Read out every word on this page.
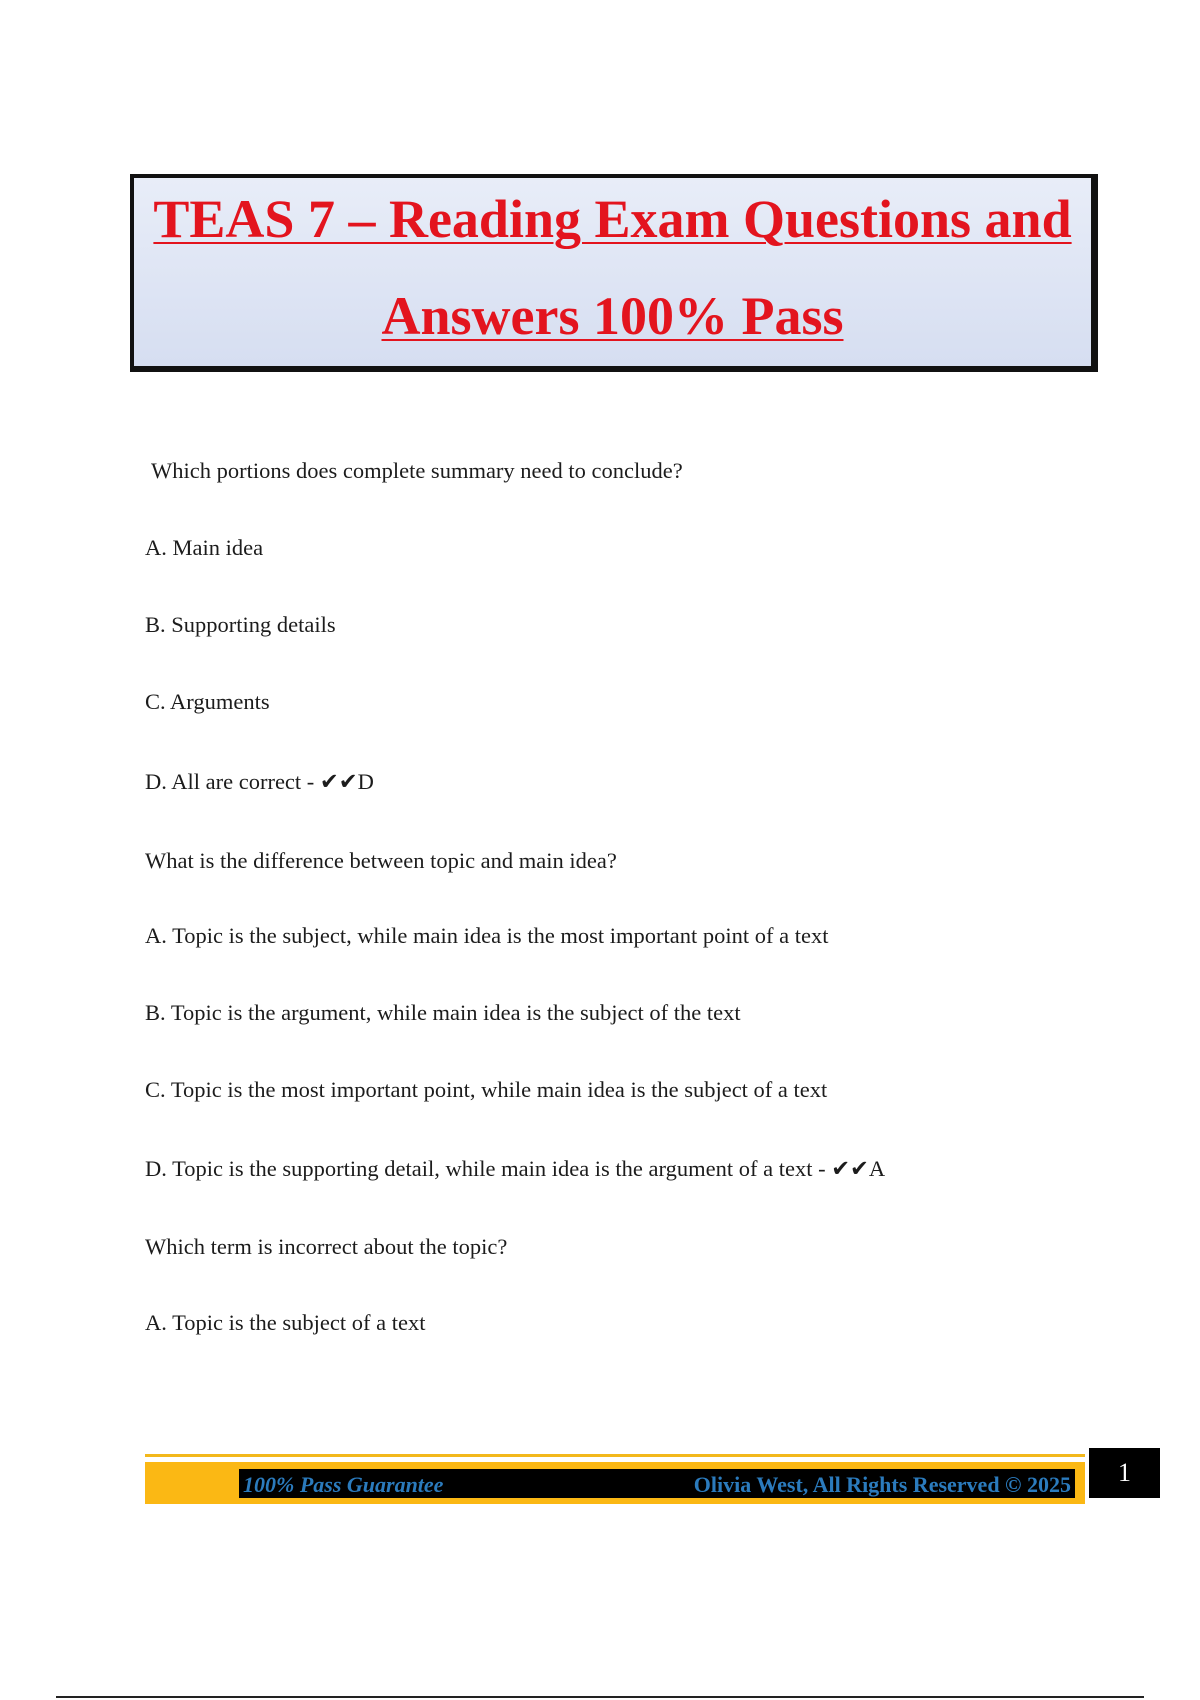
TEAS 7 – Reading Exam Questions and
Answers 100% Pass
Which portions does complete summary need to conclude?
A. Main idea
B. Supporting details
C. Arguments
D. All are correct - ✔✔D
What is the difference between topic and main idea?
A. Topic is the subject, while main idea is the most important point of a text
B. Topic is the argument, while main idea is the subject of the text
C. Topic is the most important point, while main idea is the subject of a text
D. Topic is the supporting detail, while main idea is the argument of a text - ✔✔A
Which term is incorrect about the topic?
A. Topic is the subject of a text
100% Pass Guarantee	Olivia West, All Rights Reserved © 2025	1
